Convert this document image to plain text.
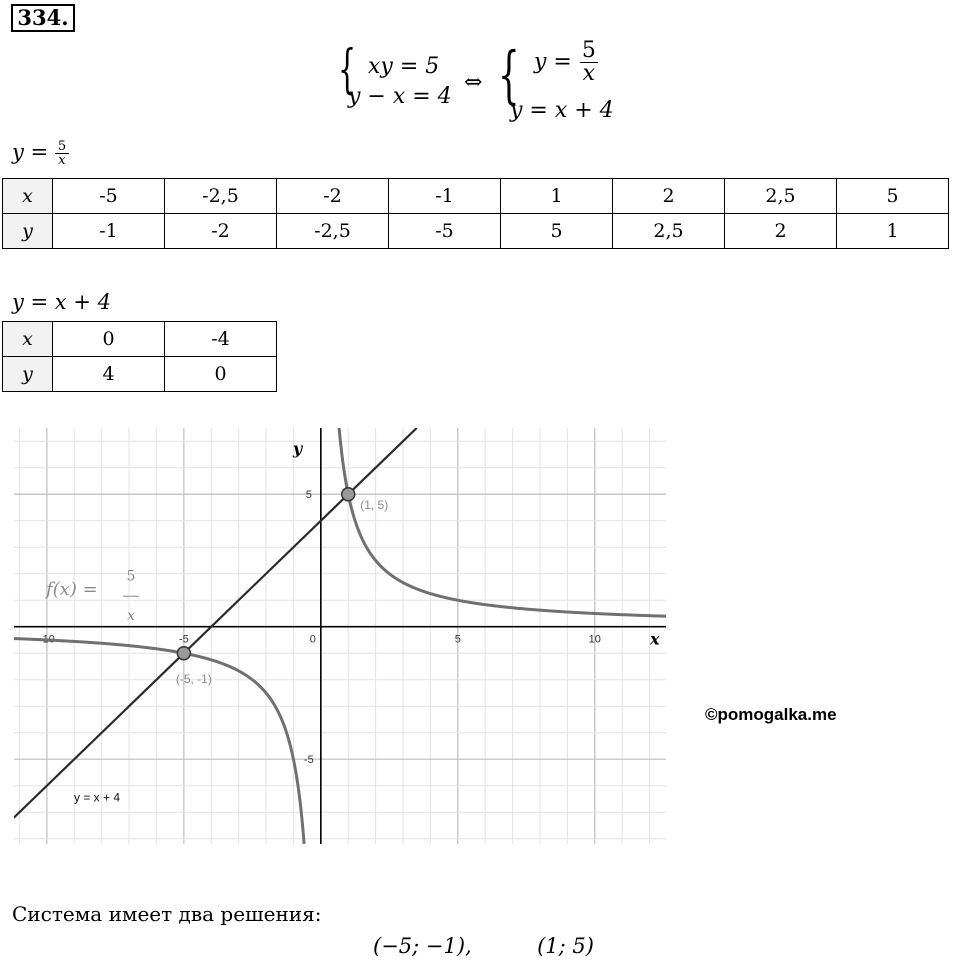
334.
{ xy = 5
y − x = 4
⇔ { $y = \frac{5}{x}$
y = x + 4
$y = \frac{5}{x}$
x	-5	-2,5	-2	-1	1	2	2,5	5
y	-1	-2	-2,5	-5	5	2,5	2	1
y = x + 4
x	0	-4
y	4	0
-10	-5	0	5	10
5
-5
x
y
f(x) =
5
x
y = x + 4
(1, 5)
(-5, -1)
©pomogalka.me
Система имеет два решения:
(−5; −1),	(1; 5)
